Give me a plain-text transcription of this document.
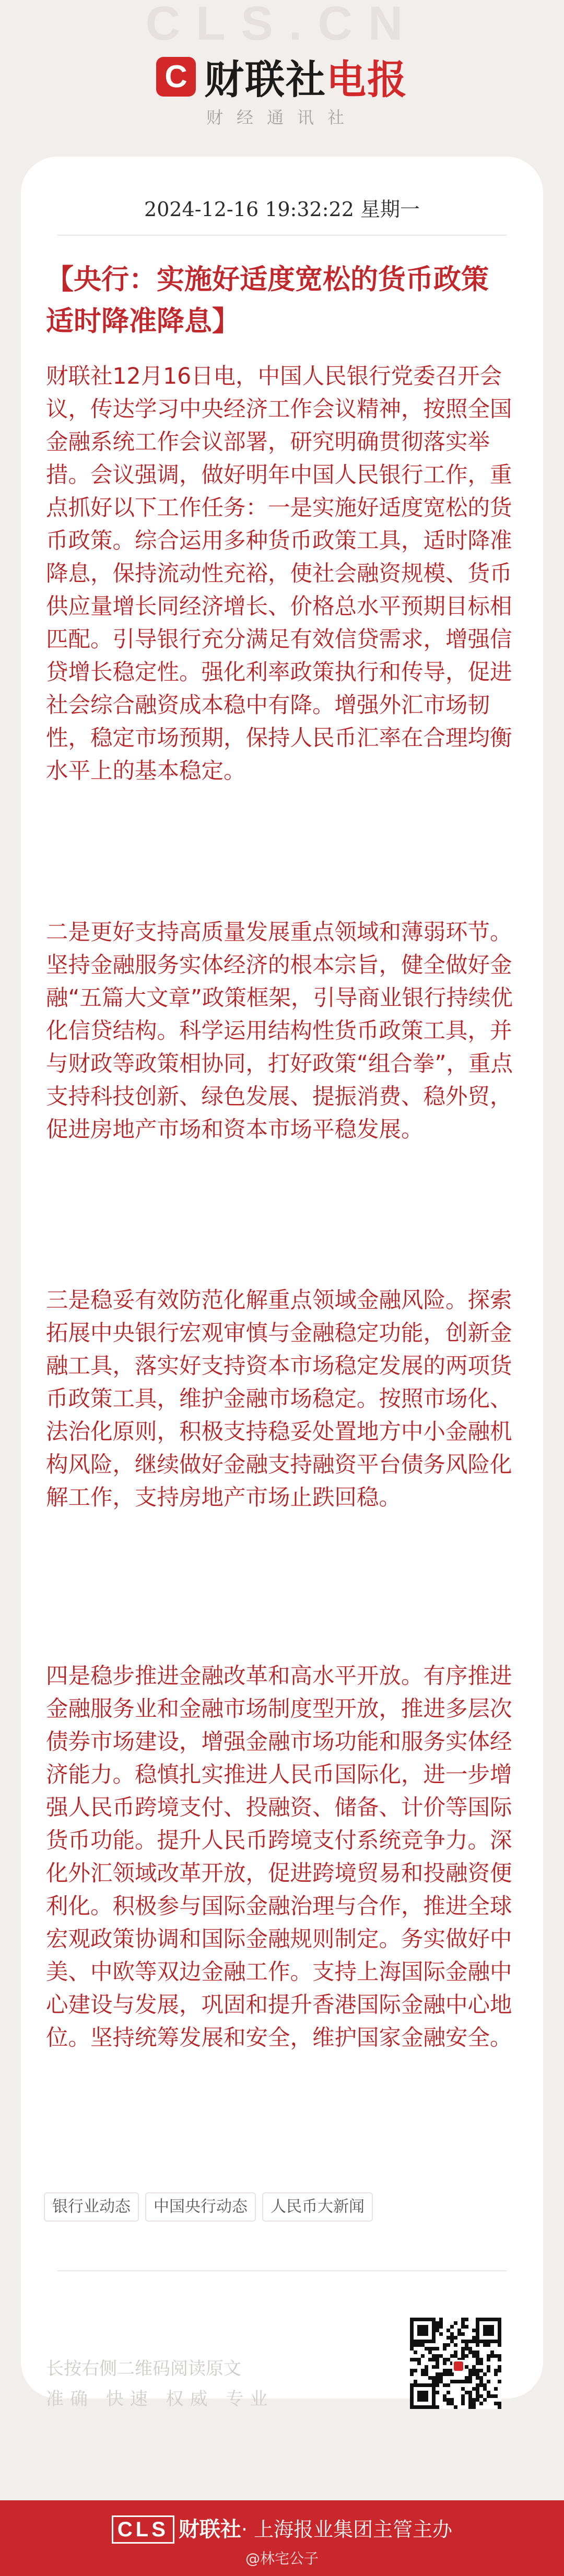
CLS.CN
C 财联社电报
财经通讯社
2024-12-16 19:32:22 星期一
【央行：实施好适度宽松的货币政策 适时降准降息】

财联社12月16日电，中国人民银行党委召开会议，传达学习中央经济工作会议精神，按照全国金融系统工作会议部署，研究明确贯彻落实举措。会议强调，做好明年中国人民银行工作，重点抓好以下工作任务：一是实施好适度宽松的货币政策。综合运用多种货币政策工具，适时降准降息，保持流动性充裕，使社会融资规模、货币供应量增长同经济增长、价格总水平预期目标相匹配。引导银行充分满足有效信贷需求，增强信贷增长稳定性。强化利率政策执行和传导，促进社会综合融资成本稳中有降。增强外汇市场韧性，稳定市场预期，保持人民币汇率在合理均衡水平上的基本稳定。

二是更好支持高质量发展重点领域和薄弱环节。坚持金融服务实体经济的根本宗旨，健全做好金融“五篇大文章”政策框架，引导商业银行持续优化信贷结构。科学运用结构性货币政策工具，并与财政等政策相协同，打好政策“组合拳”，重点支持科技创新、绿色发展、提振消费、稳外贸，促进房地产市场和资本市场平稳发展。

三是稳妥有效防范化解重点领域金融风险。探索拓展中央银行宏观审慎与金融稳定功能，创新金融工具，落实好支持资本市场稳定发展的两项货币政策工具，维护金融市场稳定。按照市场化、法治化原则，积极支持稳妥处置地方中小金融机构风险，继续做好金融支持融资平台债务风险化解工作，支持房地产市场止跌回稳。

四是稳步推进金融改革和高水平开放。有序推进金融服务业和金融市场制度型开放，推进多层次债券市场建设，增强金融市场功能和服务实体经济能力。稳慎扎实推进人民币国际化，进一步增强人民币跨境支付、投融资、储备、计价等国际货币功能。提升人民币跨境支付系统竞争力。深化外汇领域改革开放，促进跨境贸易和投融资便利化。积极参与国际金融治理与合作，推进全球宏观政策协调和国际金融规则制定。务实做好中美、中欧等双边金融工作。支持上海国际金融中心建设与发展，巩固和提升香港国际金融中心地位。坚持统筹发展和安全，维护国家金融安全。

银行业动态	中国央行动态	人民币大新闻
长按右侧二维码阅读原文
准确 快速 权威 专业
CLS 财联社· 上海报业集团主管主办
@林宅公子
